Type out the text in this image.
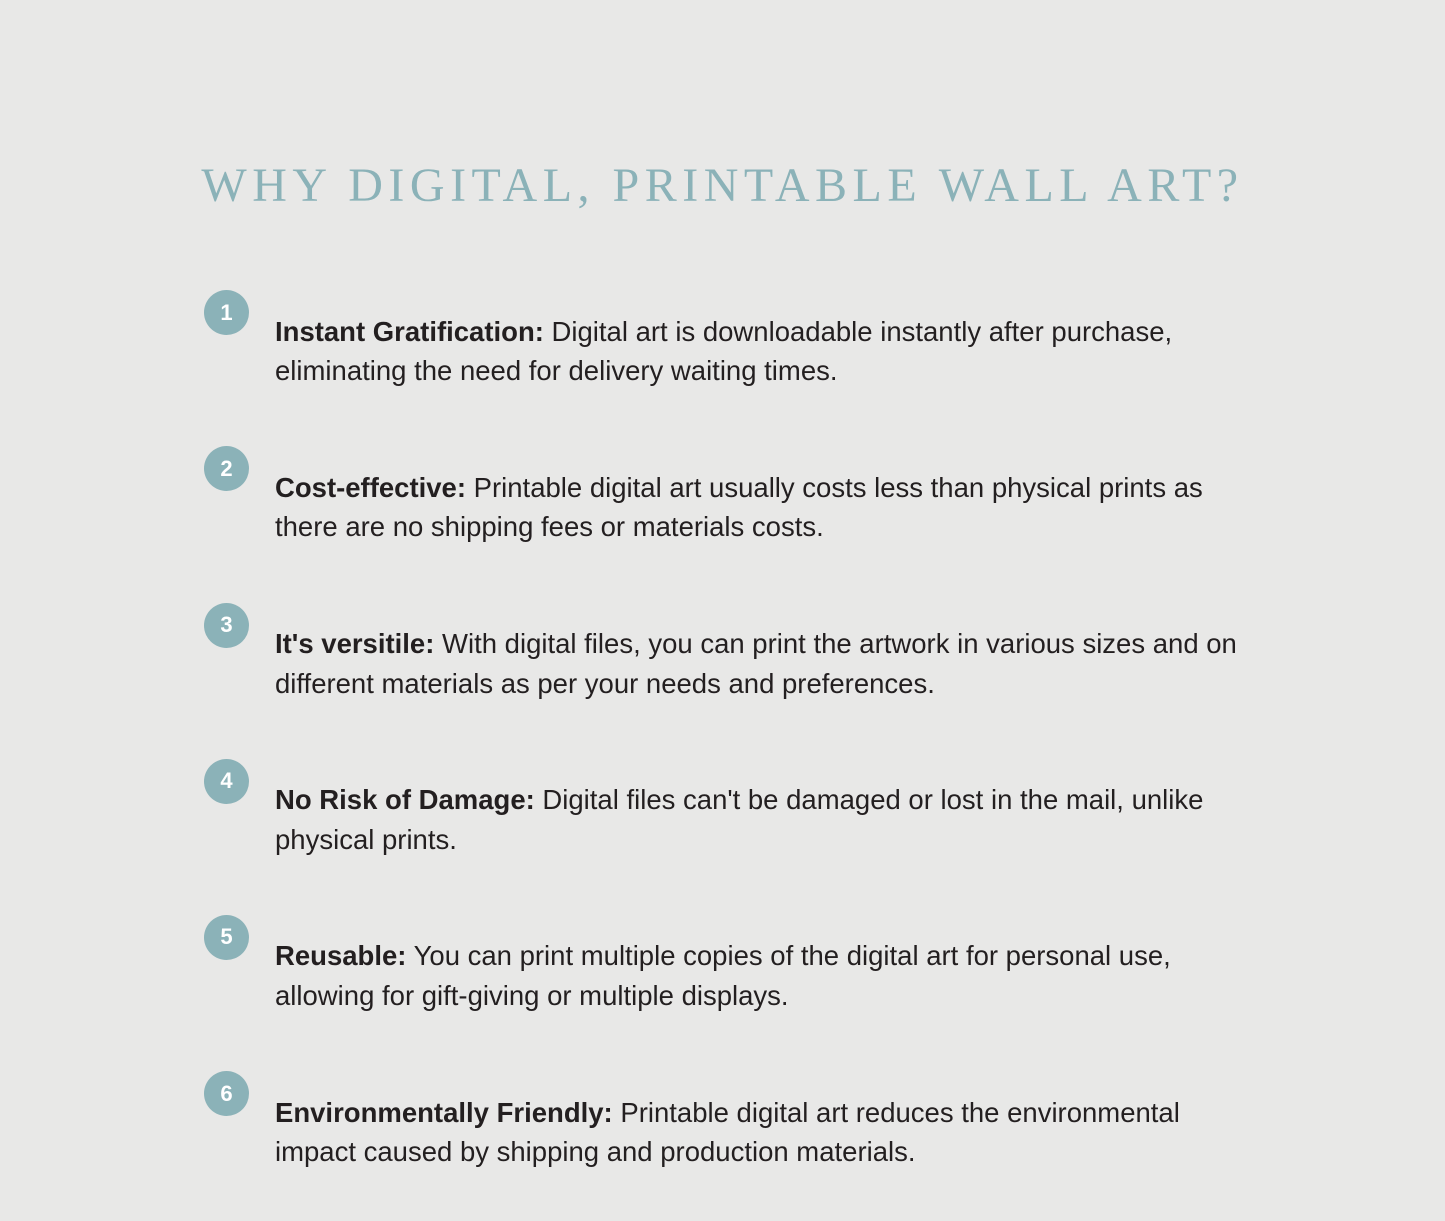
WHY DIGITAL, PRINTABLE WALL ART?
1

Instant Gratification: Digital art is downloadable instantly after purchase, eliminating the need for delivery waiting times.

2

Cost-effective: Printable digital art usually costs less than physical prints as there are no shipping fees or materials costs.

3

It's versitile: With digital files, you can print the artwork in various sizes and on different materials as per your needs and preferences.

4

No Risk of Damage: Digital files can't be damaged or lost in the mail, unlike physical prints.

5

Reusable: You can print multiple copies of the digital art for personal use, allowing for gift-giving or multiple displays.

6

Environmentally Friendly: Printable digital art reduces the environmental impact caused by shipping and production materials.
